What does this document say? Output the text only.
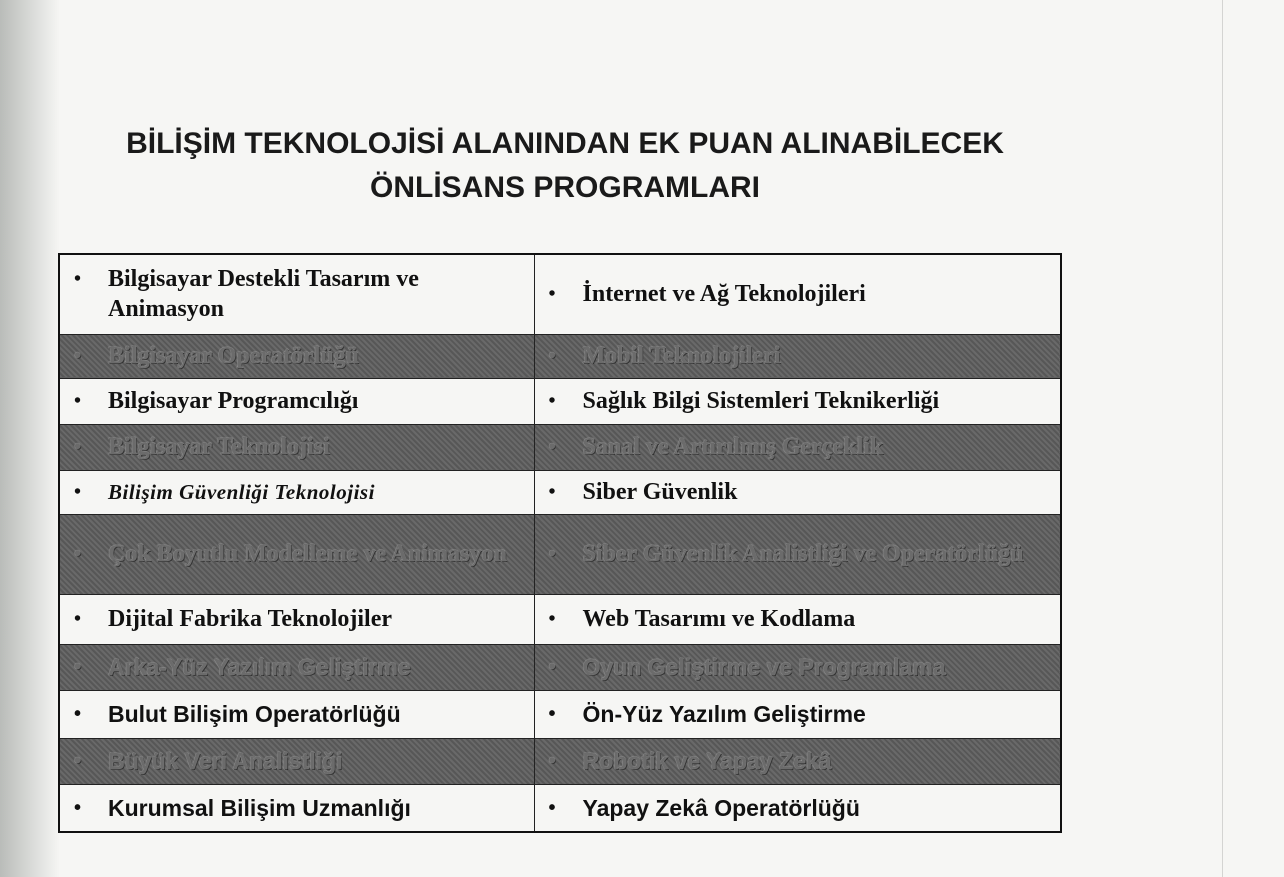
BİLİŞİM TEKNOLOJİSİ ALANINDAN EK PUAN ALINABİLECEK
ÖNLİSANS PROGRAMLARI
• Bilgisayar Destekli Tasarım ve Animasyon	• İnternet ve Ağ Teknolojileri

• Bilgisayar Operatörlüğü	• Mobil Teknolojileri

• Bilgisayar Programcılığı	• Sağlık Bilgi Sistemleri Teknikerliği

• Bilgisayar Teknolojisi	• Sanal ve Artırılmış Gerçeklik

• Bilişim Güvenliği Teknolojisi	• Siber Güvenlik

• Çok Boyutlu Modelleme ve Animasyon	• Siber Güvenlik Analistliği ve Operatörlüğü

• Dijital Fabrika Teknolojiler	• Web Tasarımı ve Kodlama

• Arka-Yüz Yazılım Geliştirme	• Oyun Geliştirme ve Programlama

• Bulut Bilişim Operatörlüğü	• Ön-Yüz Yazılım Geliştirme

• Büyük Veri Analistliği	• Robotik ve Yapay Zekâ

• Kurumsal Bilişim Uzmanlığı	• Yapay Zekâ Operatörlüğü
